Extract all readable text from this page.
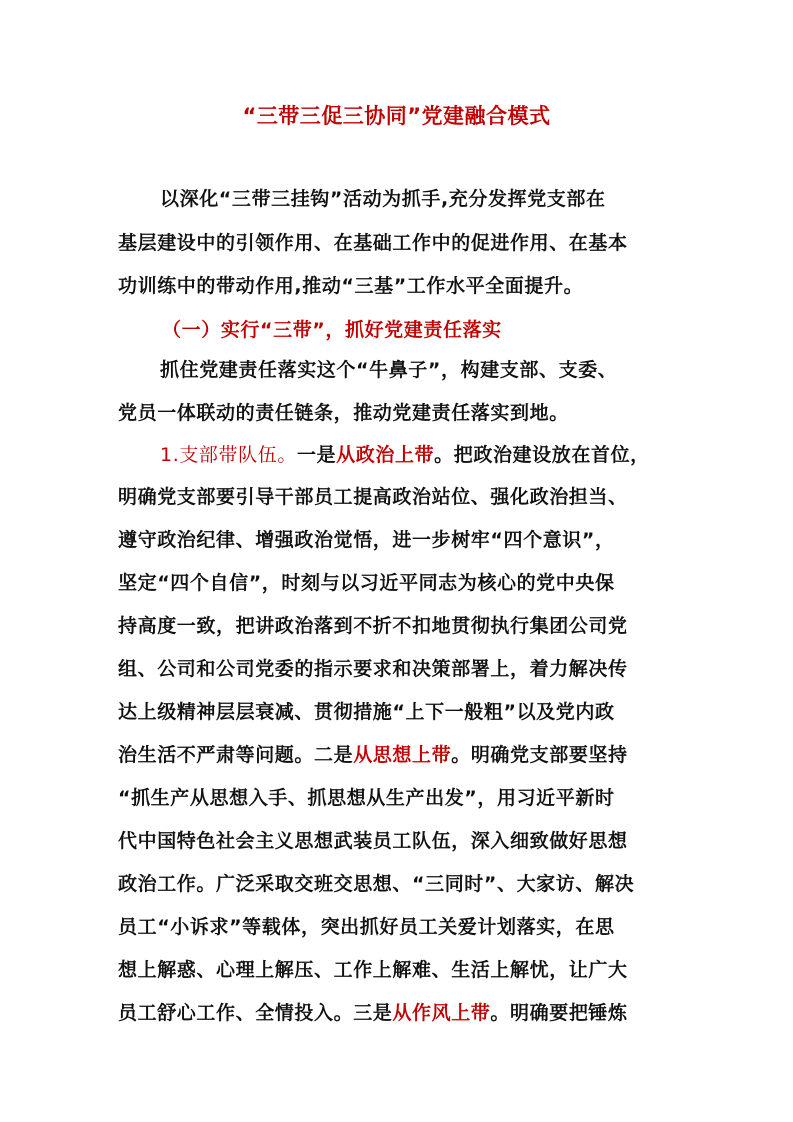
“三带三促三协同”党建融合模式
以深化“三带三挂钩”活动为抓手,充分发挥党支部在
基层建设中的引领作用、在基础工作中的促进作用、在基本
功训练中的带动作用,推动“三基”工作水平全面提升。
（一）实行“三带”，抓好党建责任落实
抓住党建责任落实这个“牛鼻子”，构建支部、支委、
党员一体联动的责任链条，推动党建责任落实到地。
1.支部带队伍。一是从政治上带。把政治建设放在首位，
明确党支部要引导干部员工提高政治站位、强化政治担当、
遵守政治纪律、增强政治觉悟，进一步树牢“四个意识”，
坚定“四个自信”，时刻与以习近平同志为核心的党中央保
持高度一致，把讲政治落到不折不扣地贯彻执行集团公司党
组、公司和公司党委的指示要求和决策部署上，着力解决传
达上级精神层层衰减、贯彻措施“上下一般粗”以及党内政
治生活不严肃等问题。二是从思想上带。明确党支部要坚持
“抓生产从思想入手、抓思想从生产出发”，用习近平新时
代中国特色社会主义思想武装员工队伍，深入细致做好思想
政治工作。广泛采取交班交思想、“三同时”、大家访、解决
员工“小诉求”等载体，突出抓好员工关爱计划落实，在思
想上解惑、心理上解压、工作上解难、生活上解忧，让广大
员工舒心工作、全情投入。三是从作风上带。明确要把锤炼
